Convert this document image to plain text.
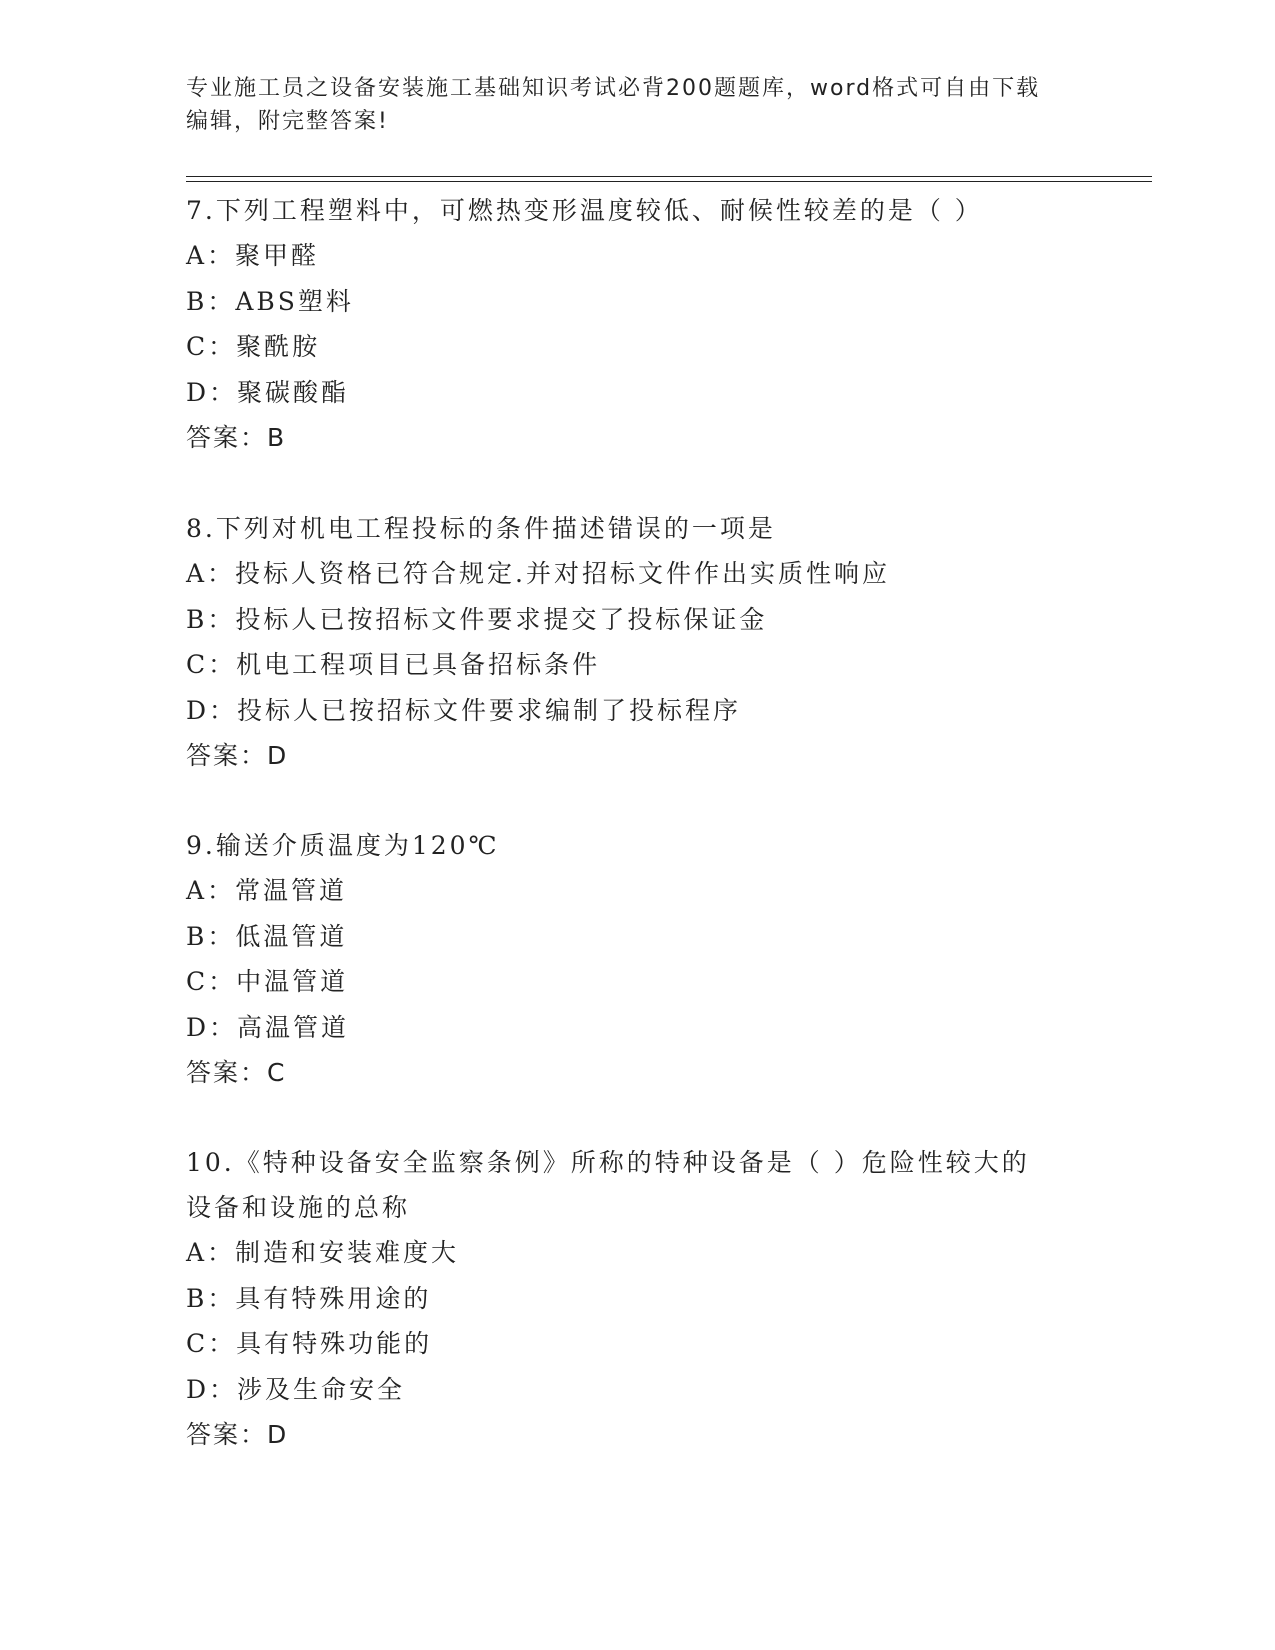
专业施工员之设备安装施工基础知识考试必背200题题库，word格式可自由下载
编辑，附完整答案!

7.下列工程塑料中，可燃热变形温度较低、耐候性较差的是（ ）

A：聚甲醛

B：ABS塑料

C：聚酰胺

D：聚碳酸酯

答案：B

8.下列对机电工程投标的条件描述错误的一项是

A：投标人资格已符合规定.并对招标文件作出实质性响应

B：投标人已按招标文件要求提交了投标保证金

C：机电工程项目已具备招标条件

D：投标人已按招标文件要求编制了投标程序

答案：D

9.输送介质温度为120℃

A：常温管道

B：低温管道

C：中温管道

D：高温管道

答案：C

10.《特种设备安全监察条例》所称的特种设备是（ ）危险性较大的

设备和设施的总称

A：制造和安装难度大

B：具有特殊用途的

C：具有特殊功能的

D：涉及生命安全

答案：D
